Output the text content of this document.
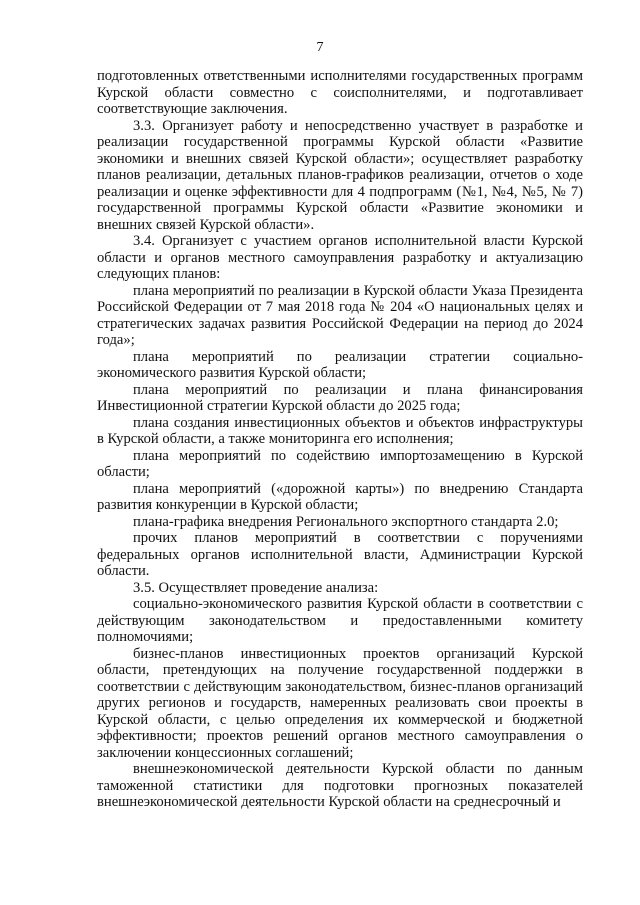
7

подготовленных ответственными исполнителями государственных программ Курской области совместно с соисполнителями, и подготавливает соответствующие заключения.

3.3. Организует работу и непосредственно участвует в разработке и реализации государственной программы Курской области «Развитие экономики и внешних связей Курской области»; осуществляет разработку планов реализации, детальных планов-графиков реализации, отчетов о ходе реализации и оценке эффективности для 4 подпрограмм (№1, №4, №5, № 7) государственной программы Курской области «Развитие экономики и внешних связей Курской области».

3.4. Организует с участием органов исполнительной власти Курской области и органов местного самоуправления разработку и актуализацию следующих планов:

плана мероприятий по реализации в Курской области Указа Президента Российской Федерации от 7 мая 2018 года № 204 «О национальных целях и стратегических задачах развития Российской Федерации на период до 2024 года»;

плана мероприятий по реализации стратегии социально-экономического развития Курской области;

плана мероприятий по реализации и плана финансирования Инвестиционной стратегии Курской области до 2025 года;

плана создания инвестиционных объектов и объектов инфраструктуры в Курской области, а также мониторинга его исполнения;

плана мероприятий по содействию импортозамещению в Курской области;

плана мероприятий («дорожной карты») по внедрению Стандарта развития конкуренции в Курской области;

плана-графика внедрения Регионального экспортного стандарта 2.0;

прочих планов мероприятий в соответствии с поручениями федеральных органов исполнительной власти, Администрации Курской области.

3.5. Осуществляет проведение анализа:

социально-экономического развития Курской области в соответствии с действующим законодательством и предоставленными комитету полномочиями;

бизнес-планов инвестиционных проектов организаций Курской области, претендующих на получение государственной поддержки в соответствии с действующим законодательством, бизнес-планов организаций других регионов и государств, намеренных реализовать свои проекты в Курской области, с целью определения их коммерческой и бюджетной эффективности; проектов решений органов местного самоуправления о заключении концессионных соглашений;

внешнеэкономической деятельности Курской области по данным таможенной статистики для подготовки прогнозных показателей внешнеэкономической деятельности Курской области на среднесрочный и
